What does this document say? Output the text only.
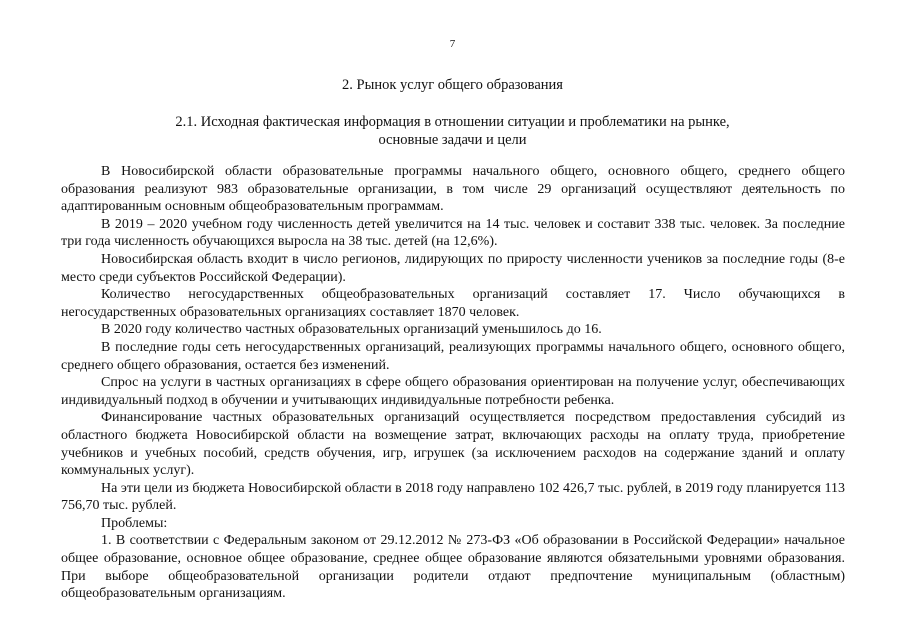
7
2. Рынок услуг общего образования
2.1. Исходная фактическая информация в отношении ситуации и проблематики на рынке,
основные задачи и цели

В Новосибирской области образовательные программы начального общего, основного общего, среднего общего образования реализуют 983 образовательные организации, в том числе 29 организаций осуществляют деятельность по адаптированным основным общеобразовательным программам.

В 2019 – 2020 учебном году численность детей увеличится на 14 тыс. человек и составит 338 тыс. человек. За последние три года численность обучающихся выросла на 38 тыс. детей (на 12,6%).

Новосибирская область входит в число регионов, лидирующих по приросту численности учеников за последние годы (8-е место среди субъектов Российской Федерации).

Количество негосударственных общеобразовательных организаций составляет 17. Число обучающихся в негосударственных образовательных организациях составляет 1870 человек.

В 2020 году количество частных образовательных организаций уменьшилось до 16.

В последние годы сеть негосударственных организаций, реализующих программы начального общего, основного общего, среднего общего образования, остается без изменений.

Спрос на услуги в частных организациях в сфере общего образования ориентирован на получение услуг, обеспечивающих индивидуальный подход в обучении и учитывающих индивидуальные потребности ребенка.

Финансирование частных образовательных организаций осуществляется посредством предоставления субсидий из областного бюджета Новосибирской области на возмещение затрат, включающих расходы на оплату труда, приобретение учебников и учебных пособий, средств обучения, игр, игрушек (за исключением расходов на содержание зданий и оплату коммунальных услуг).

На эти цели из бюджета Новосибирской области в 2018 году направлено 102 426,7 тыс. рублей, в 2019 году планируется 113 756,70 тыс. рублей.

Проблемы:

1. В соответствии с Федеральным законом от 29.12.2012 № 273-ФЗ «Об образовании в Российской Федерации» начальное общее образование, основное общее образование, среднее общее образование являются обязательными уровнями образования. При выборе общеобразовательной организации родители отдают предпочтение муниципальным (областным) общеобразовательным организациям.
